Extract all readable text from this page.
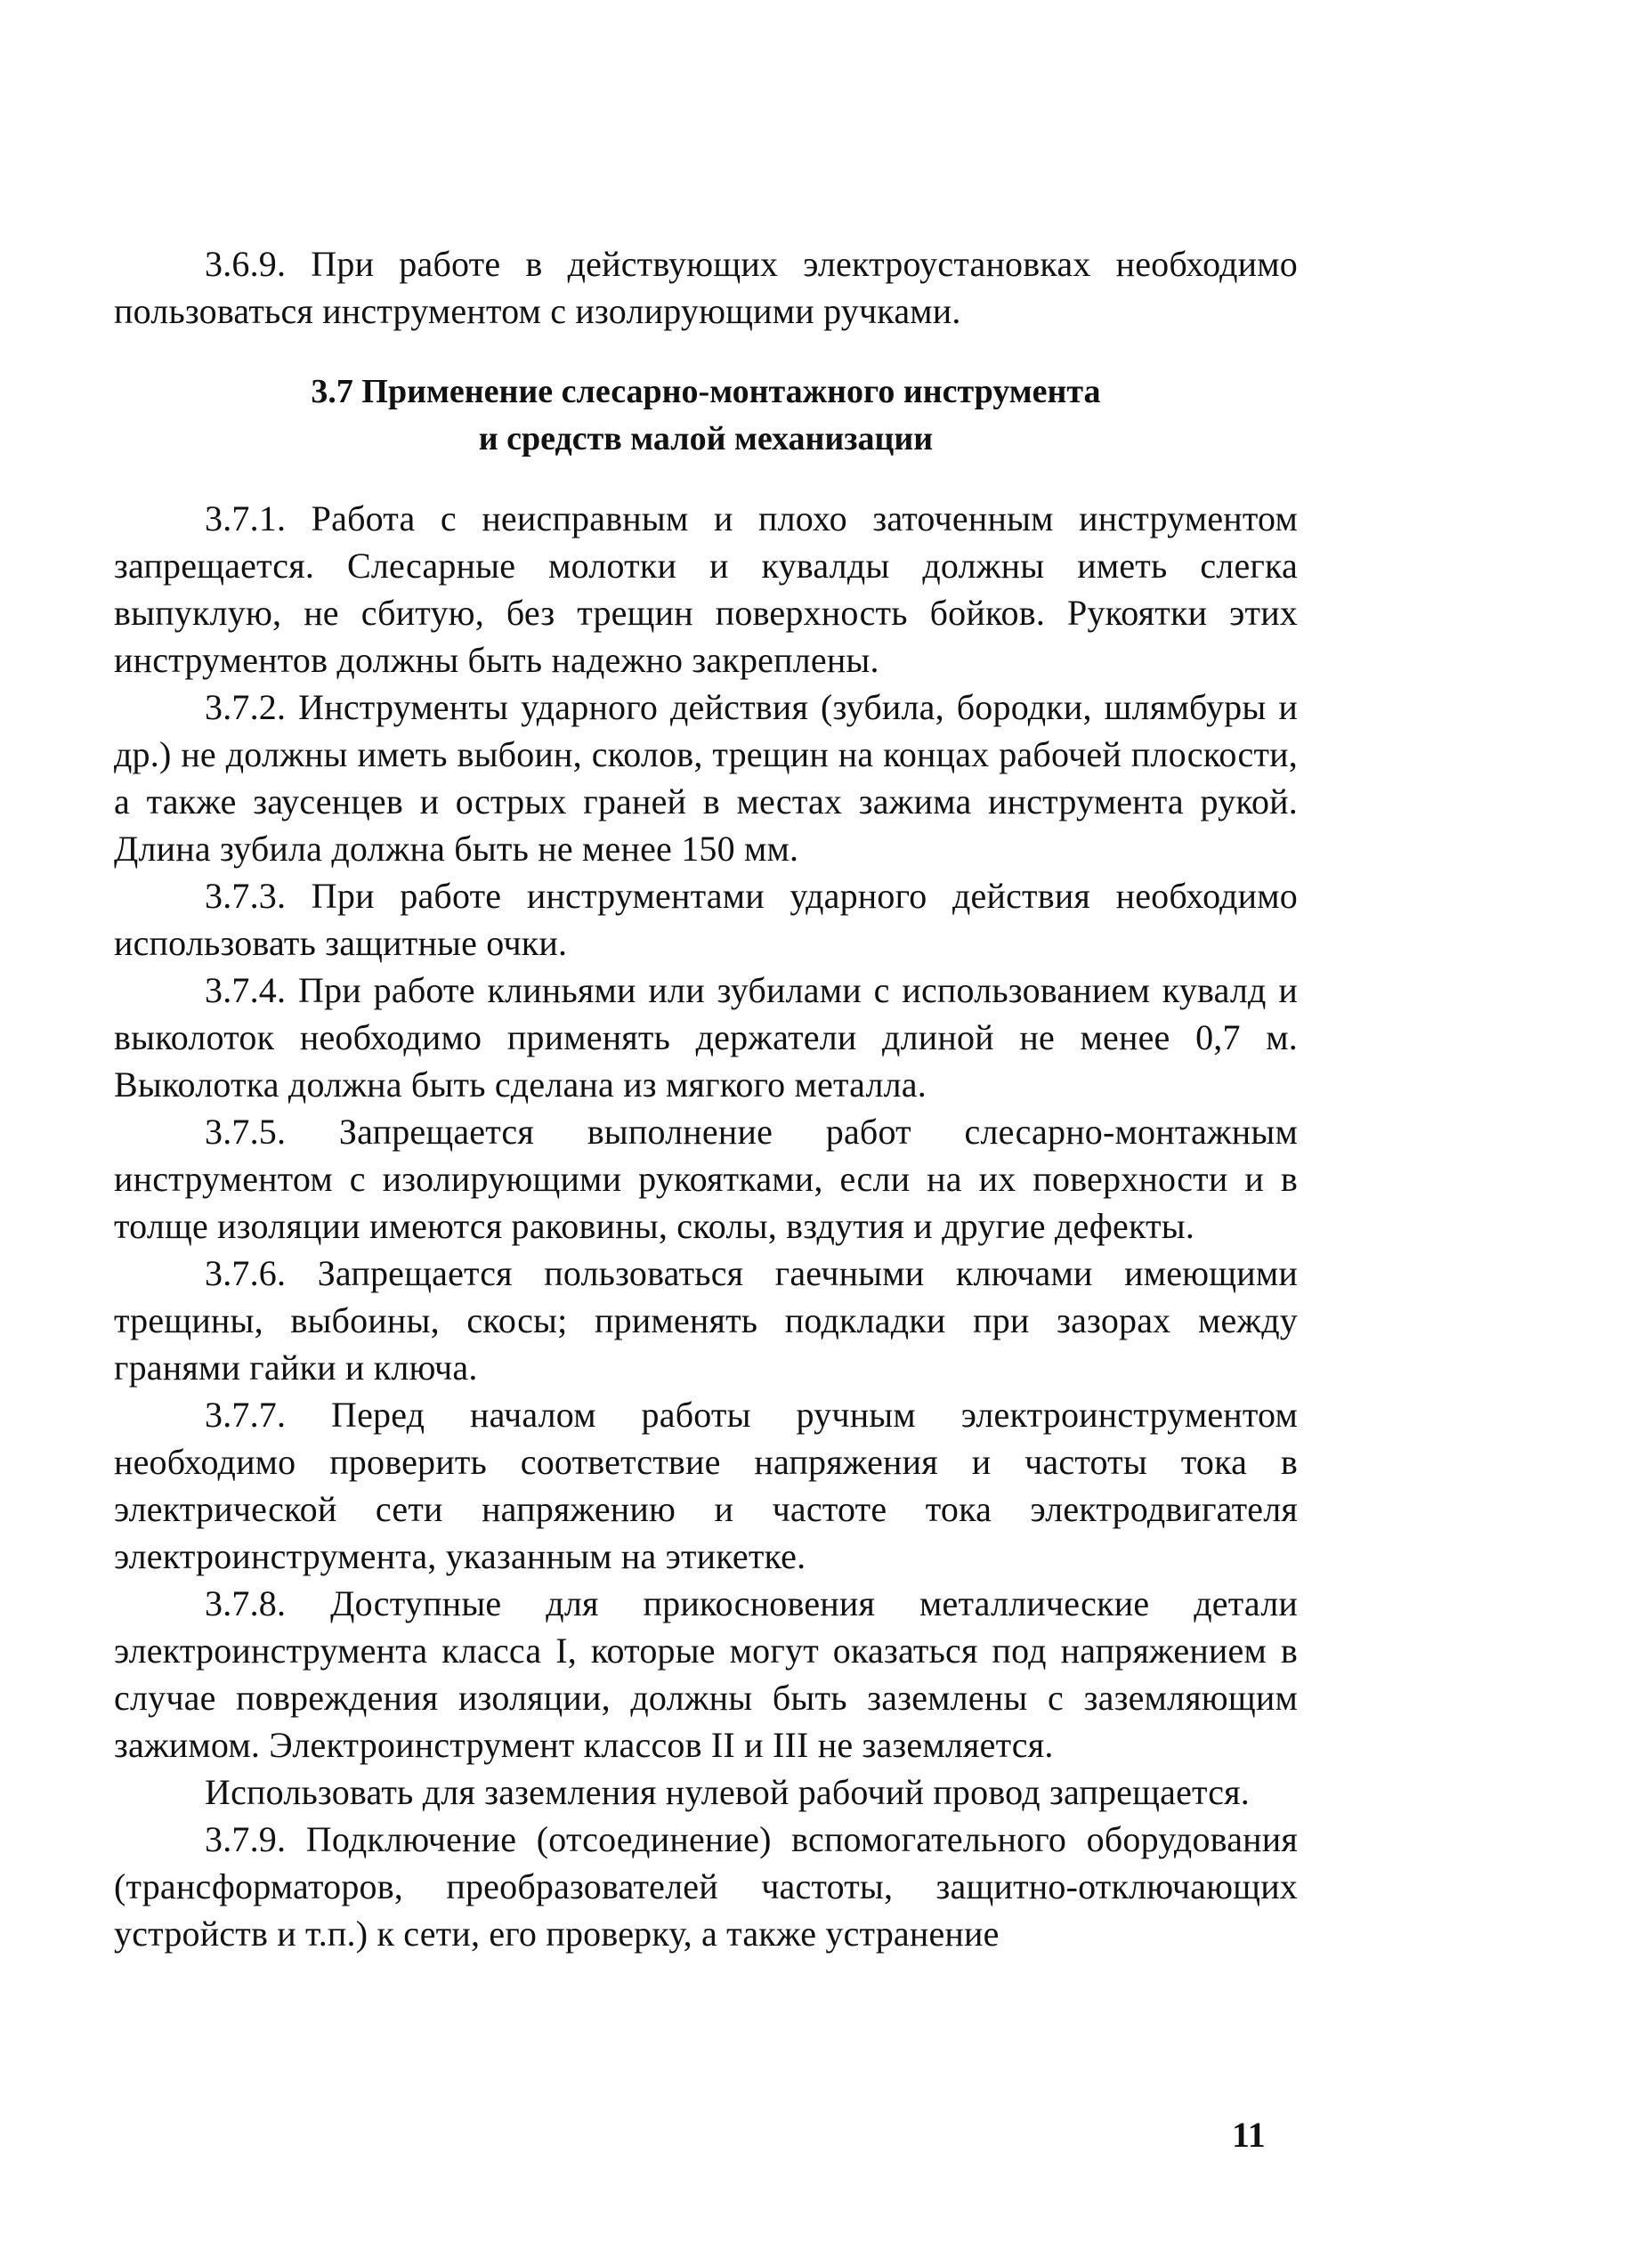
3.6.9. При работе в действующих электроустановках необходимо пользоваться инструментом с изолирующими ручками.

3.7 Применение слесарно-монтажного инструмента
и средств малой механизации

3.7.1. Работа с неисправным и плохо заточенным инструментом запрещается. Слесарные молотки и кувалды должны иметь слегка выпуклую, не сбитую, без трещин поверхность бойков. Рукоятки этих инструментов должны быть надежно закреплены.

3.7.2. Инструменты ударного действия (зубила, бородки, шлямбуры и др.) не должны иметь выбоин, сколов, трещин на концах рабочей плоскости, а также заусенцев и острых граней в местах зажима инструмента рукой. Длина зубила должна быть не менее 150 мм.

3.7.3. При работе инструментами ударного действия необходимо использовать защитные очки.

3.7.4. При работе клиньями или зубилами с использованием кувалд и выколоток необходимо применять держатели длиной не менее 0,7 м. Выколотка должна быть сделана из мягкого металла.

3.7.5. Запрещается выполнение работ слесарно-монтажным инструментом с изолирующими рукоятками, если на их поверхности и в толще изоляции имеются раковины, сколы, вздутия и другие дефекты.

3.7.6. Запрещается пользоваться гаечными ключами имеющими трещины, выбоины, скосы; применять подкладки при зазорах между гранями гайки и ключа.

3.7.7. Перед началом работы ручным электроинструментом необходимо проверить соответствие напряжения и частоты тока в электрической сети напряжению и частоте тока электродвигателя электроинструмента, указанным на этикетке.

3.7.8. Доступные для прикосновения металлические детали электроинструмента класса I, которые могут оказаться под напряжением в случае повреждения изоляции, должны быть заземлены с заземляющим зажимом. Электроинструмент классов II и III не заземляется.

Использовать для заземления нулевой рабочий провод запрещается.

3.7.9. Подключение (отсоединение) вспомогательного оборудования (трансформаторов, преобразователей частоты, защитно-отключающих устройств и т.п.) к сети, его проверку, а также устранение

11
